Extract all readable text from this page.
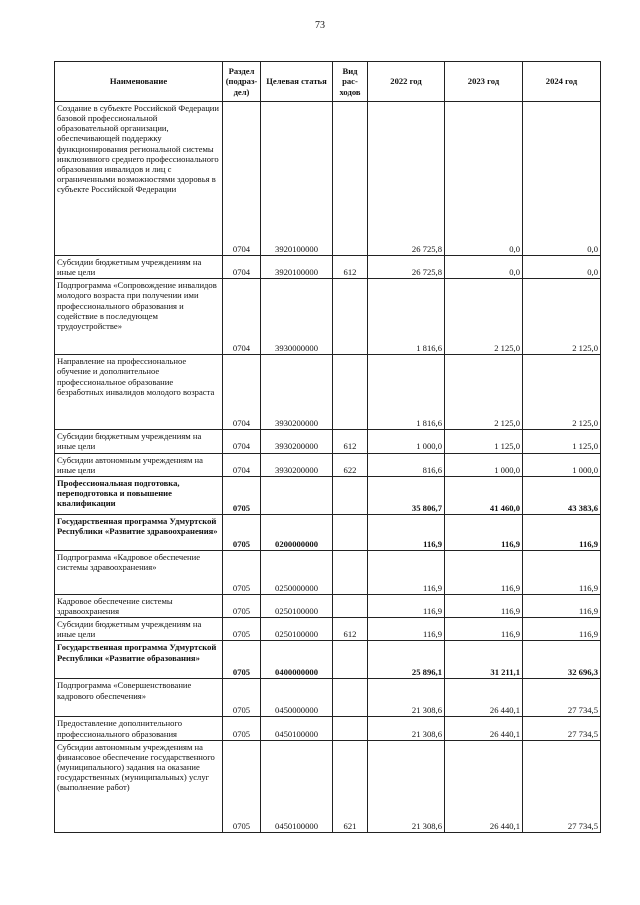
73
Наименование	Раздел (подраз- дел)	Целевая статья	Вид рас- ходов	2022 год	2023 год	2024 год
Создание в субъекте Российской Федерации базовой профессиональной образовательной организации, обеспечивающей поддержку функционирования региональной системы инклюзивного среднего профессионального образования инвалидов и лиц с ограниченными возможностями здоровья в субъекте Российской Федерации	0704	3920100000		26 725,8	0,0	0,0
Субсидии бюджетным учреждениям на иные цели	0704	3920100000	612	26 725,8	0,0	0,0
Подпрограмма «Сопровождение инвалидов молодого возраста при получении ими профессионального образования и содействие в последующем трудоустройстве»	0704	3930000000		1 816,6	2 125,0	2 125,0
Направление на профессиональное обучение и дополнительное профессиональное образование безработных инвалидов молодого возраста	0704	3930200000		1 816,6	2 125,0	2 125,0
Субсидии бюджетным учреждениям на иные цели	0704	3930200000	612	1 000,0	1 125,0	1 125,0
Субсидии автономным учреждениям на иные цели	0704	3930200000	622	816,6	1 000,0	1 000,0
Профессиональная подготовка, переподготовка и повышение квалификации	0705			35 806,7	41 460,0	43 383,6
Государственная программа Удмуртской Республики «Развитие здравоохранения»	0705	0200000000		116,9	116,9	116,9
Подпрограмма «Кадровое обеспечение системы здравоохранения»	0705	0250000000		116,9	116,9	116,9
Кадровое обеспечение системы здравоохранения	0705	0250100000		116,9	116,9	116,9
Субсидии бюджетным учреждениям на иные цели	0705	0250100000	612	116,9	116,9	116,9
Государственная программа Удмуртской Республики «Развитие образования»	0705	0400000000		25 896,1	31 211,1	32 696,3
Подпрограмма «Совершенствование кадрового обеспечения»	0705	0450000000		21 308,6	26 440,1	27 734,5
Предоставление дополнительного профессионального образования	0705	0450100000		21 308,6	26 440,1	27 734,5
Субсидии автономным учреждениям на финансовое обеспечение государственного (муниципального) задания на оказание государственных (муниципальных) услуг (выполнение работ)	0705	0450100000	621	21 308,6	26 440,1	27 734,5
